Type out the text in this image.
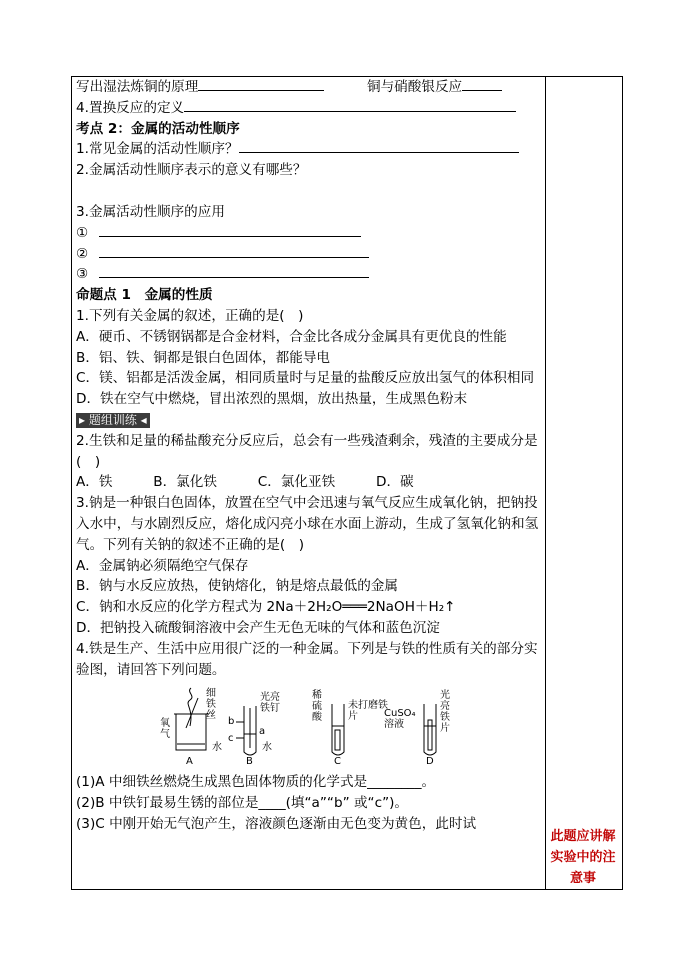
写出湿法炼铜的原理	铜与硝酸银反应
4.置换反应的定义
考点 2：金属的活动性顺序
1.常见金属的活动性顺序？
2.金属活动性顺序表示的意义有哪些？
3.金属活动性顺序的应用
①
②
③
命题点 1　金属的性质
1.下列有关金属的叙述，正确的是(　)
A．硬币、不锈钢锅都是合金材料，合金比各成分金属具有更优良的性能
B．铝、铁、铜都是银白色固体，都能导电
C．镁、铝都是活泼金属，相同质量时与足量的盐酸反应放出氢气的体积相同
D．铁在空气中燃烧，冒出浓烈的黑烟，放出热量，生成黑色粉末
▸ 题组训练 ◂
2.生铁和足量的稀盐酸充分反应后，总会有一些残渣剩余，残渣的主要成分是(　)
A．铁　　　B．氯化铁　　　C．氯化亚铁　　　D．碳
3.钠是一种银白色固体，放置在空气中会迅速与氧气反应生成氧化钠，把钠投入水中，与水剧烈反应，熔化成闪亮小球在水面上游动，生成了氢氧化钠和氢气。下列有关钠的叙述不正确的是(　)
A．金属钠必须隔绝空气保存
B．钠与水反应放热，使钠熔化，钠是熔点最低的金属
C．钠和水反应的化学方程式为 2Na＋2H₂O═══2NaOH＋H₂↑
D．把钠投入硫酸铜溶液中会产生无色无味的气体和蓝色沉淀
4.铁是生产、生活中应用很广泛的一种金属。下列是与铁的性质有关的部分实验图，请回答下列问题。
氧气
细铁丝
水
光亮铁钉
b
a
c
水
稀硫酸
未打磨铁片	CuSO₄溶液
光亮铁片
A	B	C	D
(1)A 中细铁丝燃烧生成黑色固体物质的化学式是________。
(2)B 中铁钉最易生锈的部位是____(填“a”“b” 或“c”)。
(3)C 中刚开始无气泡产生，溶液颜色逐渐由无色变为黄色，此时试
此题应讲解实验中的注意事
